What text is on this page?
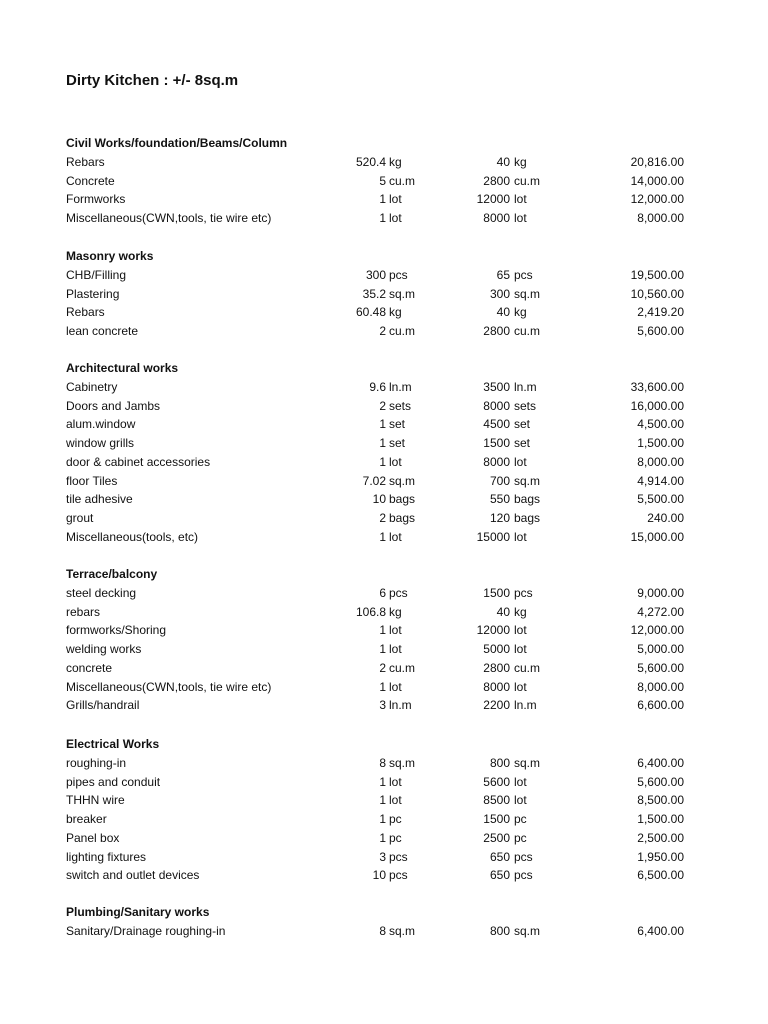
Dirty Kitchen : +/- 8sq.m
Civil Works/foundation/Beams/Column
Rebars	520.4 kg	40 kg	20,816.00
Concrete	5 cu.m	2800 cu.m	14,000.00
Formworks	1 lot	12000 lot	12,000.00
Miscellaneous(CWN,tools, tie wire etc)	1 lot	8000 lot	8,000.00
Masonry works
CHB/Filling	300 pcs	65 pcs	19,500.00
Plastering	35.2 sq.m	300 sq.m	10,560.00
Rebars	60.48 kg	40 kg	2,419.20
lean concrete	2 cu.m	2800 cu.m	5,600.00
Architectural works
Cabinetry	9.6 ln.m	3500 ln.m	33,600.00
Doors and Jambs	2 sets	8000 sets	16,000.00
alum.window	1 set	4500 set	4,500.00
window grills	1 set	1500 set	1,500.00
door & cabinet accessories	1 lot	8000 lot	8,000.00
floor Tiles	7.02 sq.m	700 sq.m	4,914.00
tile adhesive	10 bags	550 bags	5,500.00
grout	2 bags	120 bags	240.00
Miscellaneous(tools, etc)	1 lot	15000 lot	15,000.00
Terrace/balcony
steel decking	6 pcs	1500 pcs	9,000.00
rebars	106.8 kg	40 kg	4,272.00
formworks/Shoring	1 lot	12000 lot	12,000.00
welding works	1 lot	5000 lot	5,000.00
concrete	2 cu.m	2800 cu.m	5,600.00
Miscellaneous(CWN,tools, tie wire etc)	1 lot	8000 lot	8,000.00
Grills/handrail	3 ln.m	2200 ln.m	6,600.00
Electrical Works
roughing-in	8 sq.m	800 sq.m	6,400.00
pipes and conduit	1 lot	5600 lot	5,600.00
THHN wire	1 lot	8500 lot	8,500.00
breaker	1 pc	1500 pc	1,500.00
Panel box	1 pc	2500 pc	2,500.00
lighting fixtures	3 pcs	650 pcs	1,950.00
switch and outlet devices	10 pcs	650 pcs	6,500.00
Plumbing/Sanitary works
Sanitary/Drainage roughing-in	8 sq.m	800 sq.m	6,400.00
